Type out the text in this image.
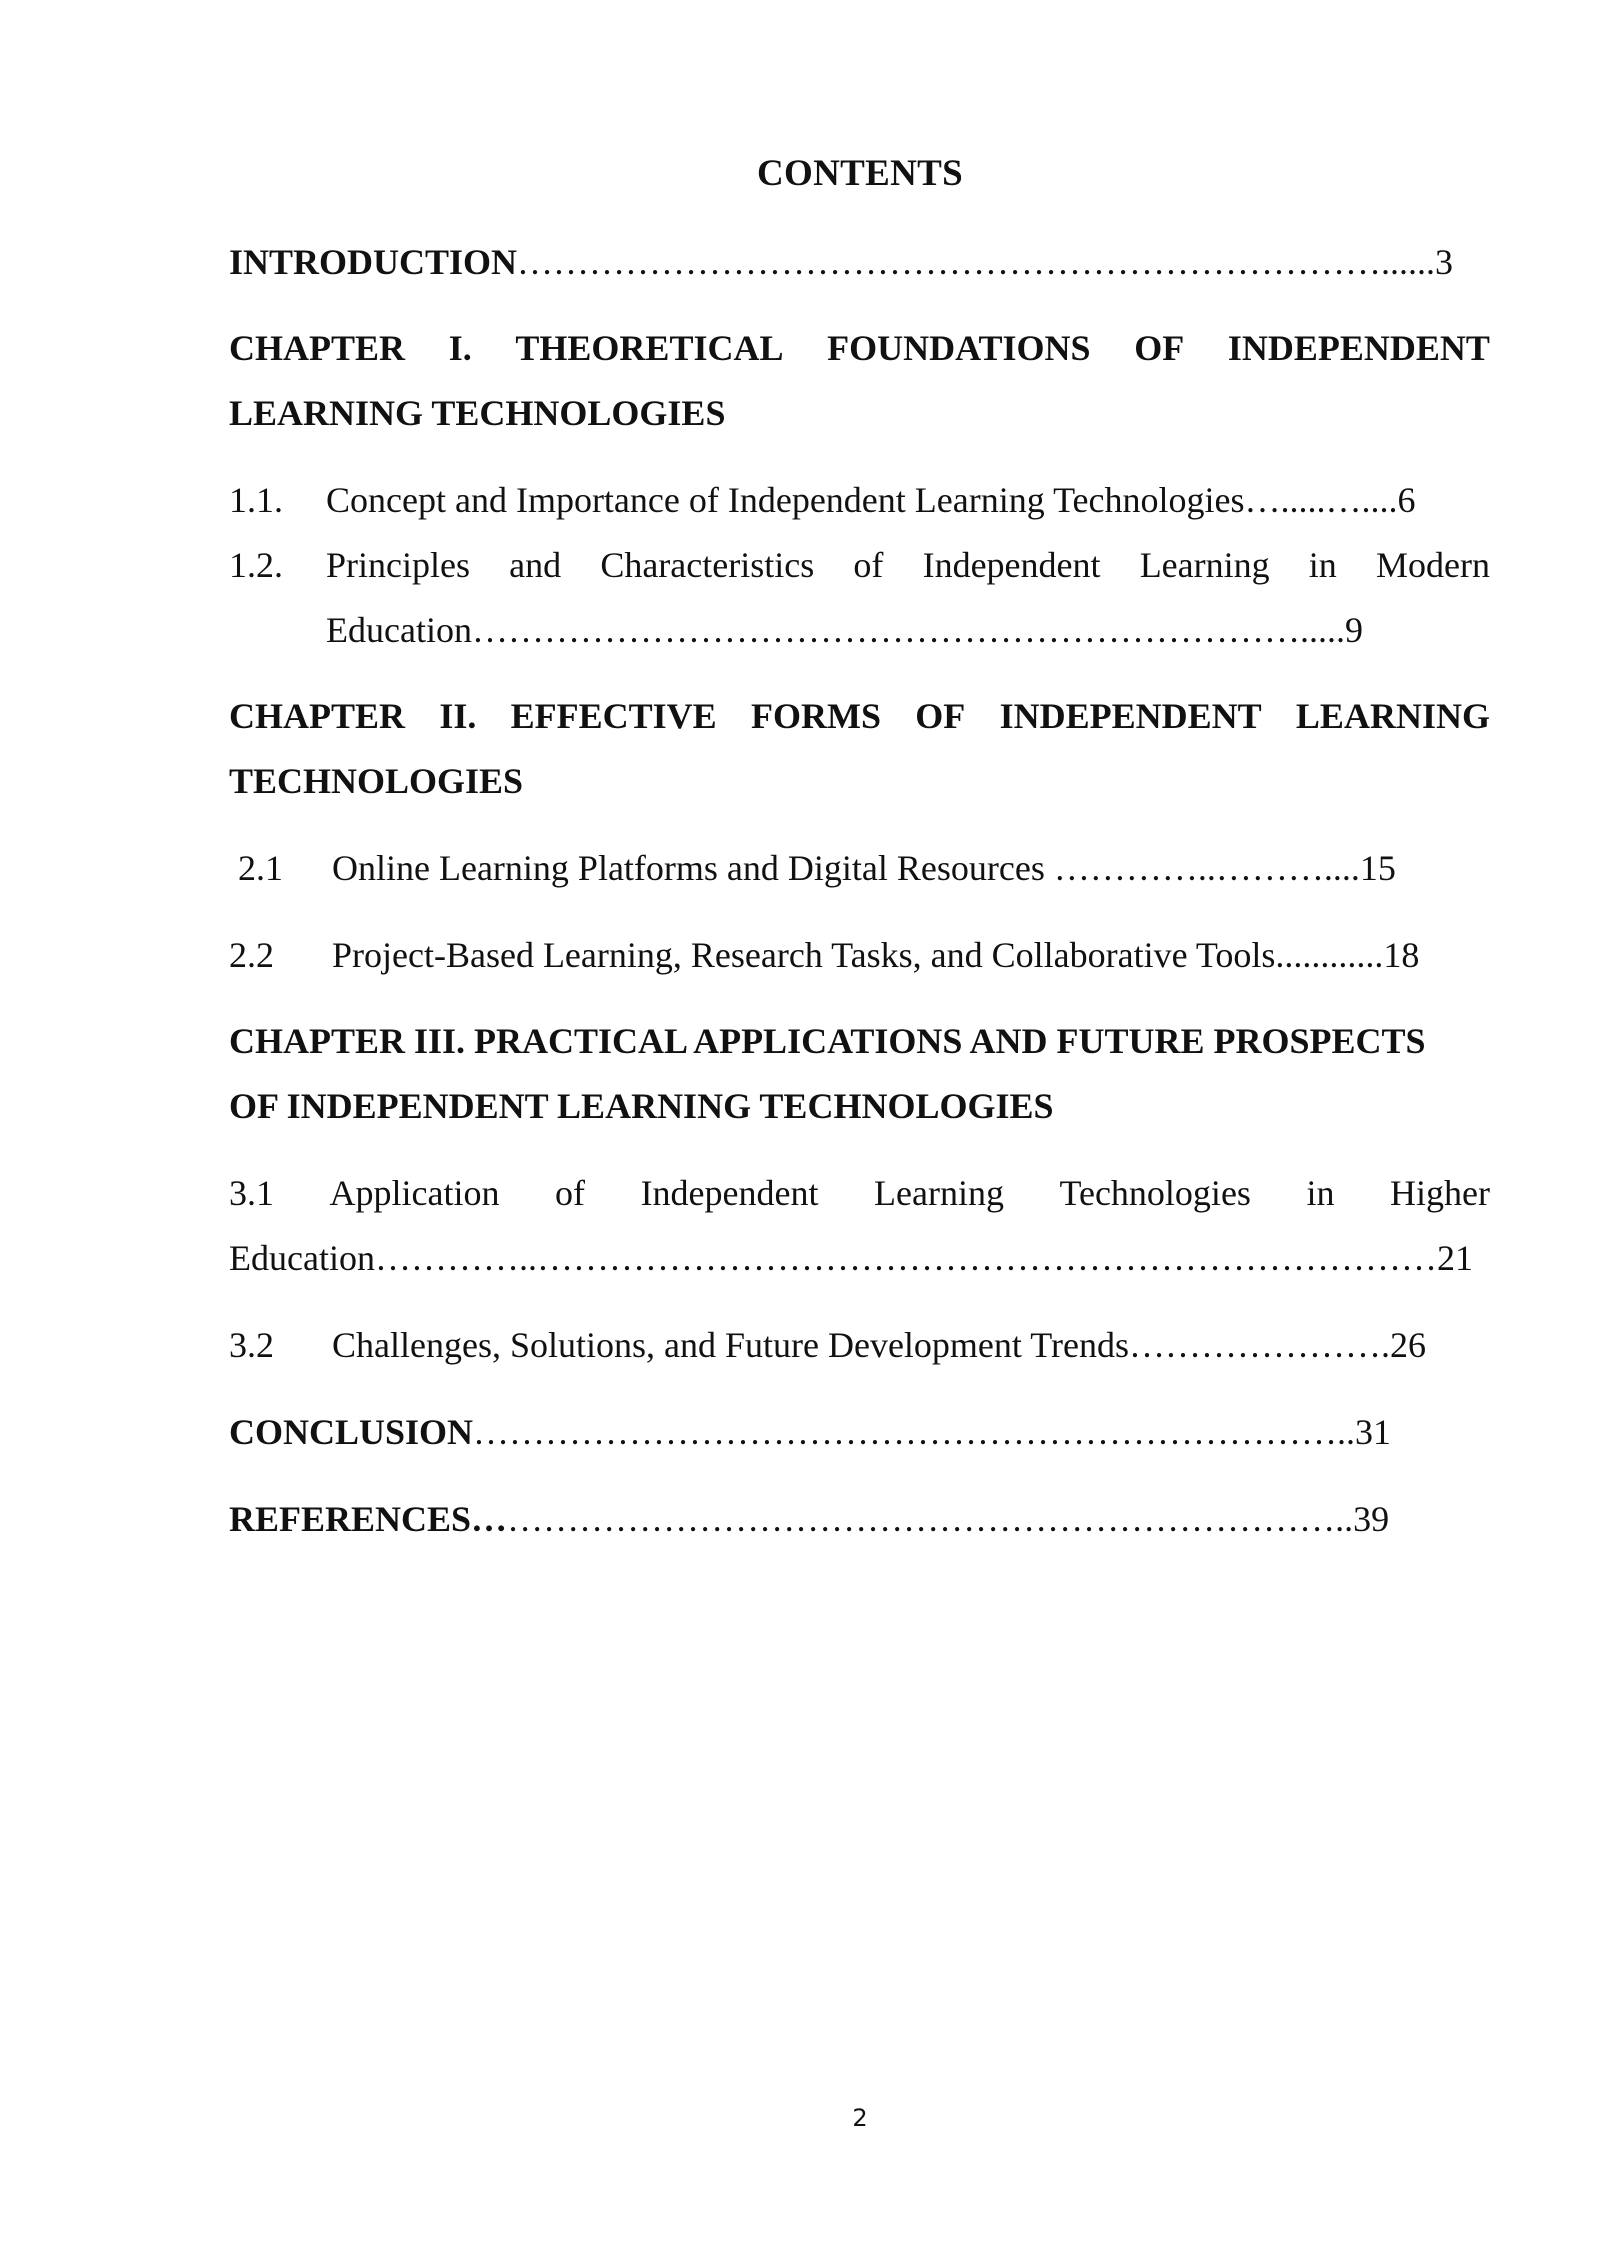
CONTENTS
INTRODUCTION………………………………………………………………......3
CHAPTER I. THEORETICAL FOUNDATIONS OF INDEPENDENT
LEARNING TECHNOLOGIES
1.1. Concept and Importance of Independent Learning Technologies….....…....6
1.2.	Principles and Characteristics of Independent Learning in Modern
Education ……………………………………………………………..... 9
CHAPTER II. EFFECTIVE FORMS OF INDEPENDENT LEARNING
TECHNOLOGIES
2.1 Online Learning Platforms and Digital Resources …………..………....15
2.2 Project-Based Learning, Research Tasks, and Collaborative Tools............18
CHAPTER III. PRACTICAL APPLICATIONS AND FUTURE PROSPECTS
OF INDEPENDENT LEARNING TECHNOLOGIES
3.1 Application of Independent Learning Technologies in Higher
Education…………..…………………………………………………………………21
3.2 Challenges, Solutions, and Future Development Trends………………….26
CONCLUSION………………………………………………………………..31
REFERENCES………………………………………………………………..39
2
